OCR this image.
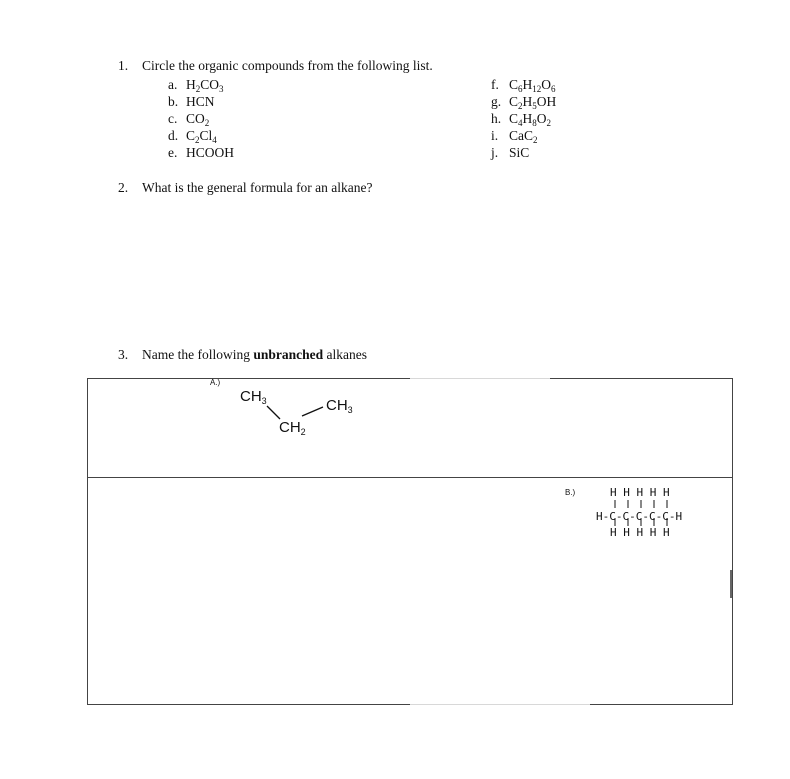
1. Circle the organic compounds from the following list.
a. $H_2CO_3$
b. HCN
c. $CO_2$
d. $C_2Cl_4$
e. HCOOH
f. $C_6H_{12}O_6$
g. $C_2H_5OH$
h. $C_4H_8O_2$
i. CaC$_2$
j. SiC
2. What is the general formula for an alkane?
3. Name the following unbranched alkanes
A.)
$CH_3$
$CH_2$
$CH_3$
B.)	H H H H H
H-C-C-C-C-C-H
H H H H H
